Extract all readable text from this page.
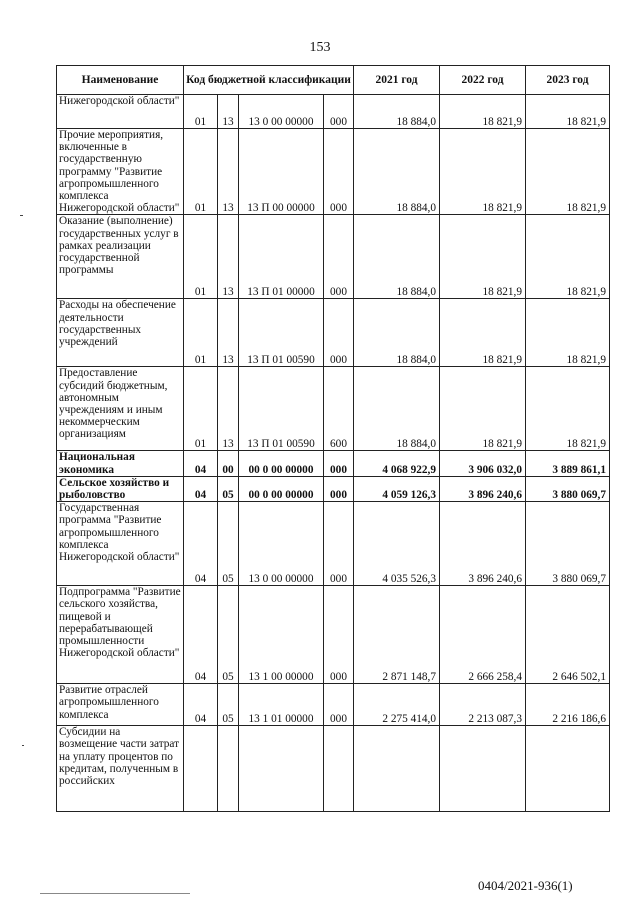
153
Наименование	Код бюджетной классификации				2021 год	2022 год	2023 год
Нижегородской области"	01	13	13 0 00 00000	000	18 884,0	18 821,9	18 821,9
Прочие мероприятия, включенные в государственную программу "Развитие агропромышленного комплекса Нижегородской области"	01	13	13 П 00 00000	000	18 884,0	18 821,9	18 821,9
Оказание (выполнение) государственных услуг в рамках реализации государственной программы	01	13	13 П 01 00000	000	18 884,0	18 821,9	18 821,9
Расходы на обеспечение деятельности государственных учреждений	01	13	13 П 01 00590	000	18 884,0	18 821,9	18 821,9
Предоставление субсидий бюджетным, автономным учреждениям и иным некоммерческим организациям	01	13	13 П 01 00590	600	18 884,0	18 821,9	18 821,9
Национальная экономика	04	00	00 0 00 00000	000	4 068 922,9	3 906 032,0	3 889 861,1
Сельское хозяйство и рыболовство	04	05	00 0 00 00000	000	4 059 126,3	3 896 240,6	3 880 069,7
Государственная программа "Развитие агропромышленного комплекса Нижегородской области"	04	05	13 0 00 00000	000	4 035 526,3	3 896 240,6	3 880 069,7
Подпрограмма "Развитие сельского хозяйства, пищевой и перерабатывающей промышленности Нижегородской области"	04	05	13 1 00 00000	000	2 871 148,7	2 666 258,4	2 646 502,1
Развитие отраслей агропромышленного комплекса	04	05	13 1 01 00000	000	2 275 414,0	2 213 087,3	2 216 186,6
Субсидии на возмещение части затрат на уплату процентов по кредитам, полученным в российских							
0404/2021-936(1)
